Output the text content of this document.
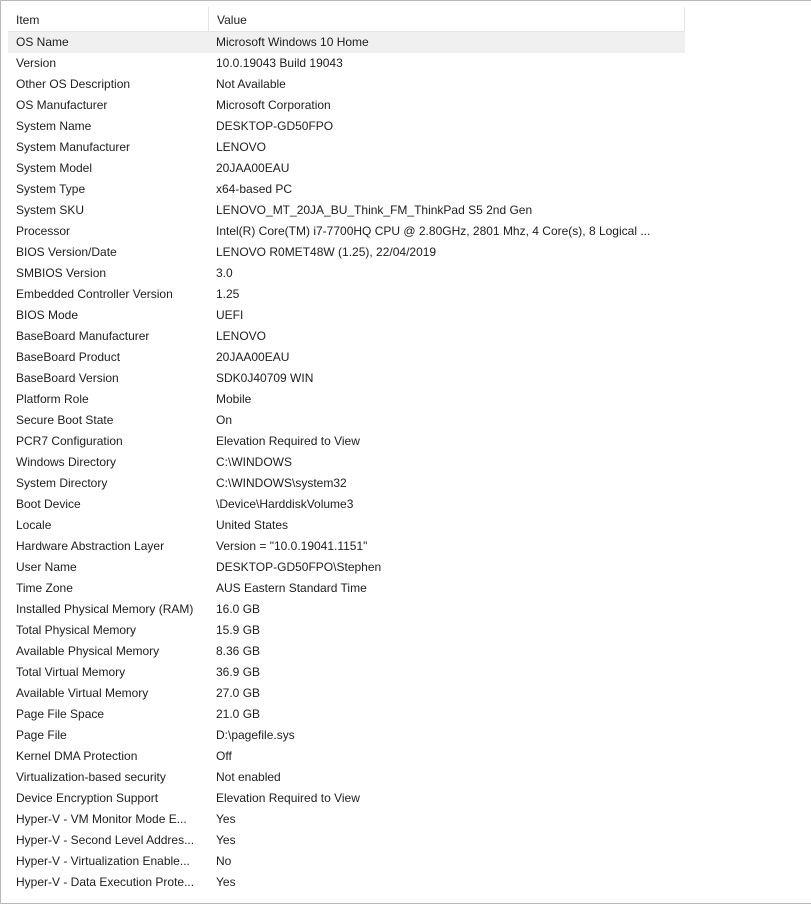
Item	Value
OS Name	Microsoft Windows 10 Home
Version	10.0.19043 Build 19043
Other OS Description	Not Available
OS Manufacturer	Microsoft Corporation
System Name	DESKTOP-GD50FPO
System Manufacturer	LENOVO
System Model	20JAA00EAU
System Type	x64-based PC
System SKU	LENOVO_MT_20JA_BU_Think_FM_ThinkPad S5 2nd Gen
Processor	Intel(R) Core(TM) i7-7700HQ CPU @ 2.80GHz, 2801 Mhz, 4 Core(s), 8 Logical ...
BIOS Version/Date	LENOVO R0MET48W (1.25), 22/04/2019
SMBIOS Version	3.0
Embedded Controller Version	1.25
BIOS Mode	UEFI
BaseBoard Manufacturer	LENOVO
BaseBoard Product	20JAA00EAU
BaseBoard Version	SDK0J40709 WIN
Platform Role	Mobile
Secure Boot State	On
PCR7 Configuration	Elevation Required to View
Windows Directory	C:\WINDOWS
System Directory	C:\WINDOWS\system32
Boot Device	\Device\HarddiskVolume3
Locale	United States
Hardware Abstraction Layer	Version = "10.0.19041.1151"
User Name	DESKTOP-GD50FPO\Stephen
Time Zone	AUS Eastern Standard Time
Installed Physical Memory (RAM)	16.0 GB
Total Physical Memory	15.9 GB
Available Physical Memory	8.36 GB
Total Virtual Memory	36.9 GB
Available Virtual Memory	27.0 GB
Page File Space	21.0 GB
Page File	D:\pagefile.sys
Kernel DMA Protection	Off
Virtualization-based security	Not enabled
Device Encryption Support	Elevation Required to View
Hyper-V - VM Monitor Mode E...	Yes
Hyper-V - Second Level Addres...	Yes
Hyper-V - Virtualization Enable...	No
Hyper-V - Data Execution Prote...	Yes
